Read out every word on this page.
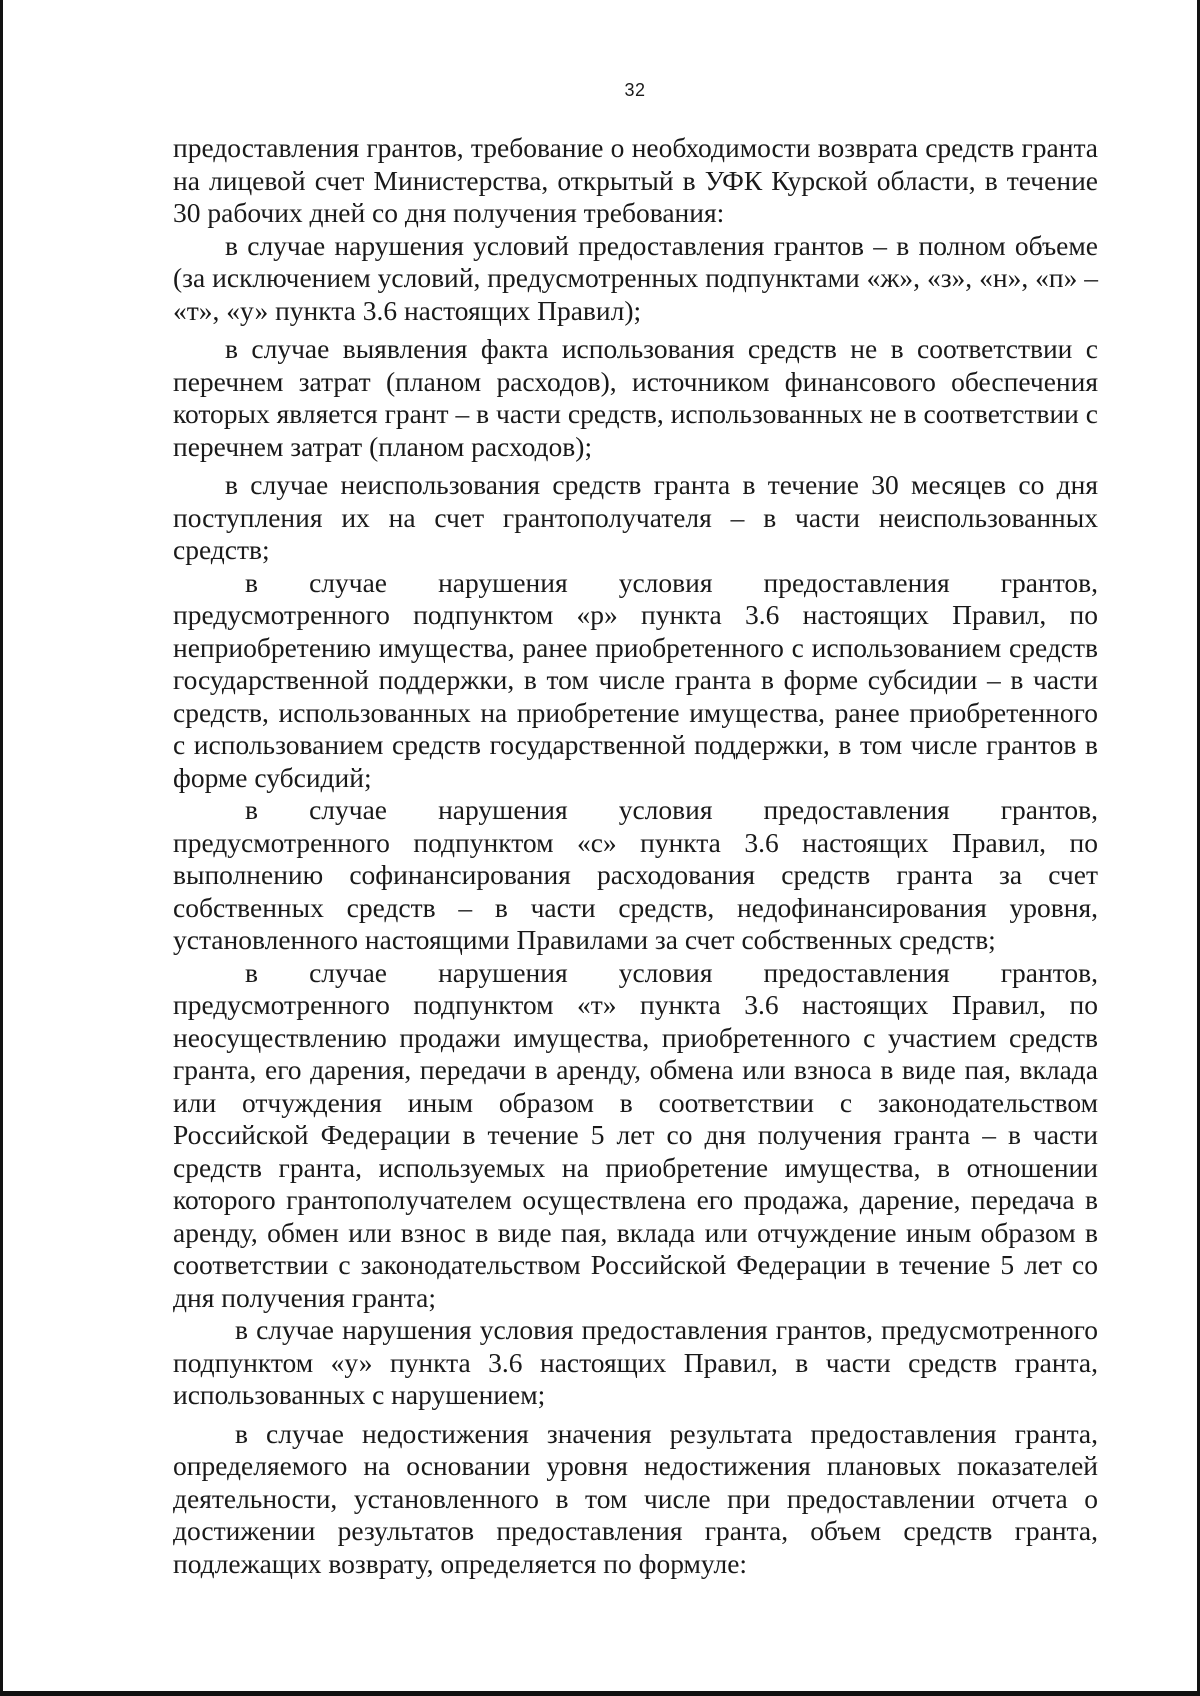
32

предоставления грантов, требование о необходимости возврата средств гранта на лицевой счет Министерства, открытый в УФК Курской области, в течение 30 рабочих дней со дня получения требования:

в случае нарушения условий предоставления грантов – в полном объеме (за исключением условий, предусмотренных подпунктами «ж», «з», «н», «п» – «т», «у» пункта 3.6 настоящих Правил);

в случае выявления факта использования средств не в соответствии с перечнем затрат (планом расходов), источником финансового обеспечения которых является грант – в части средств, использованных не в соответствии с перечнем затрат (планом расходов);

в случае неиспользования средств гранта в течение 30 месяцев со дня поступления их на счет грантополучателя – в части неиспользованных средств;

в случае нарушения условия предоставления грантов, предусмотренного подпунктом «р» пункта 3.6 настоящих Правил, по неприобретению имущества, ранее приобретенного с использованием средств государственной поддержки, в том числе гранта в форме субсидии – в части средств, использованных на приобретение имущества, ранее приобретенного с использованием средств государственной поддержки, в том числе грантов в форме субсидий;

в случае нарушения условия предоставления грантов, предусмотренного подпунктом «с» пункта 3.6 настоящих Правил, по выполнению софинансирования расходования средств гранта за счет собственных средств – в части средств, недофинансирования уровня, установленного настоящими Правилами за счет собственных средств;

в случае нарушения условия предоставления грантов, предусмотренного подпунктом «т» пункта 3.6 настоящих Правил, по неосуществлению продажи имущества, приобретенного с участием средств гранта, его дарения, передачи в аренду, обмена или взноса в виде пая, вклада или отчуждения иным образом в соответствии с законодательством Российской Федерации в течение 5 лет со дня получения гранта – в части средств гранта, используемых на приобретение имущества, в отношении которого грантополучателем осуществлена его продажа, дарение, передача в аренду, обмен или взнос в виде пая, вклада или отчуждение иным образом в соответствии с законодательством Российской Федерации в течение 5 лет со дня получения гранта;

в случае нарушения условия предоставления грантов, предусмотренного подпунктом «у» пункта 3.6 настоящих Правил, в части средств гранта, использованных с нарушением;

в случае недостижения значения результата предоставления гранта, определяемого на основании уровня недостижения плановых показателей деятельности, установленного в том числе при предоставлении отчета о достижении результатов предоставления гранта, объем средств гранта, подлежащих возврату, определяется по формуле:
